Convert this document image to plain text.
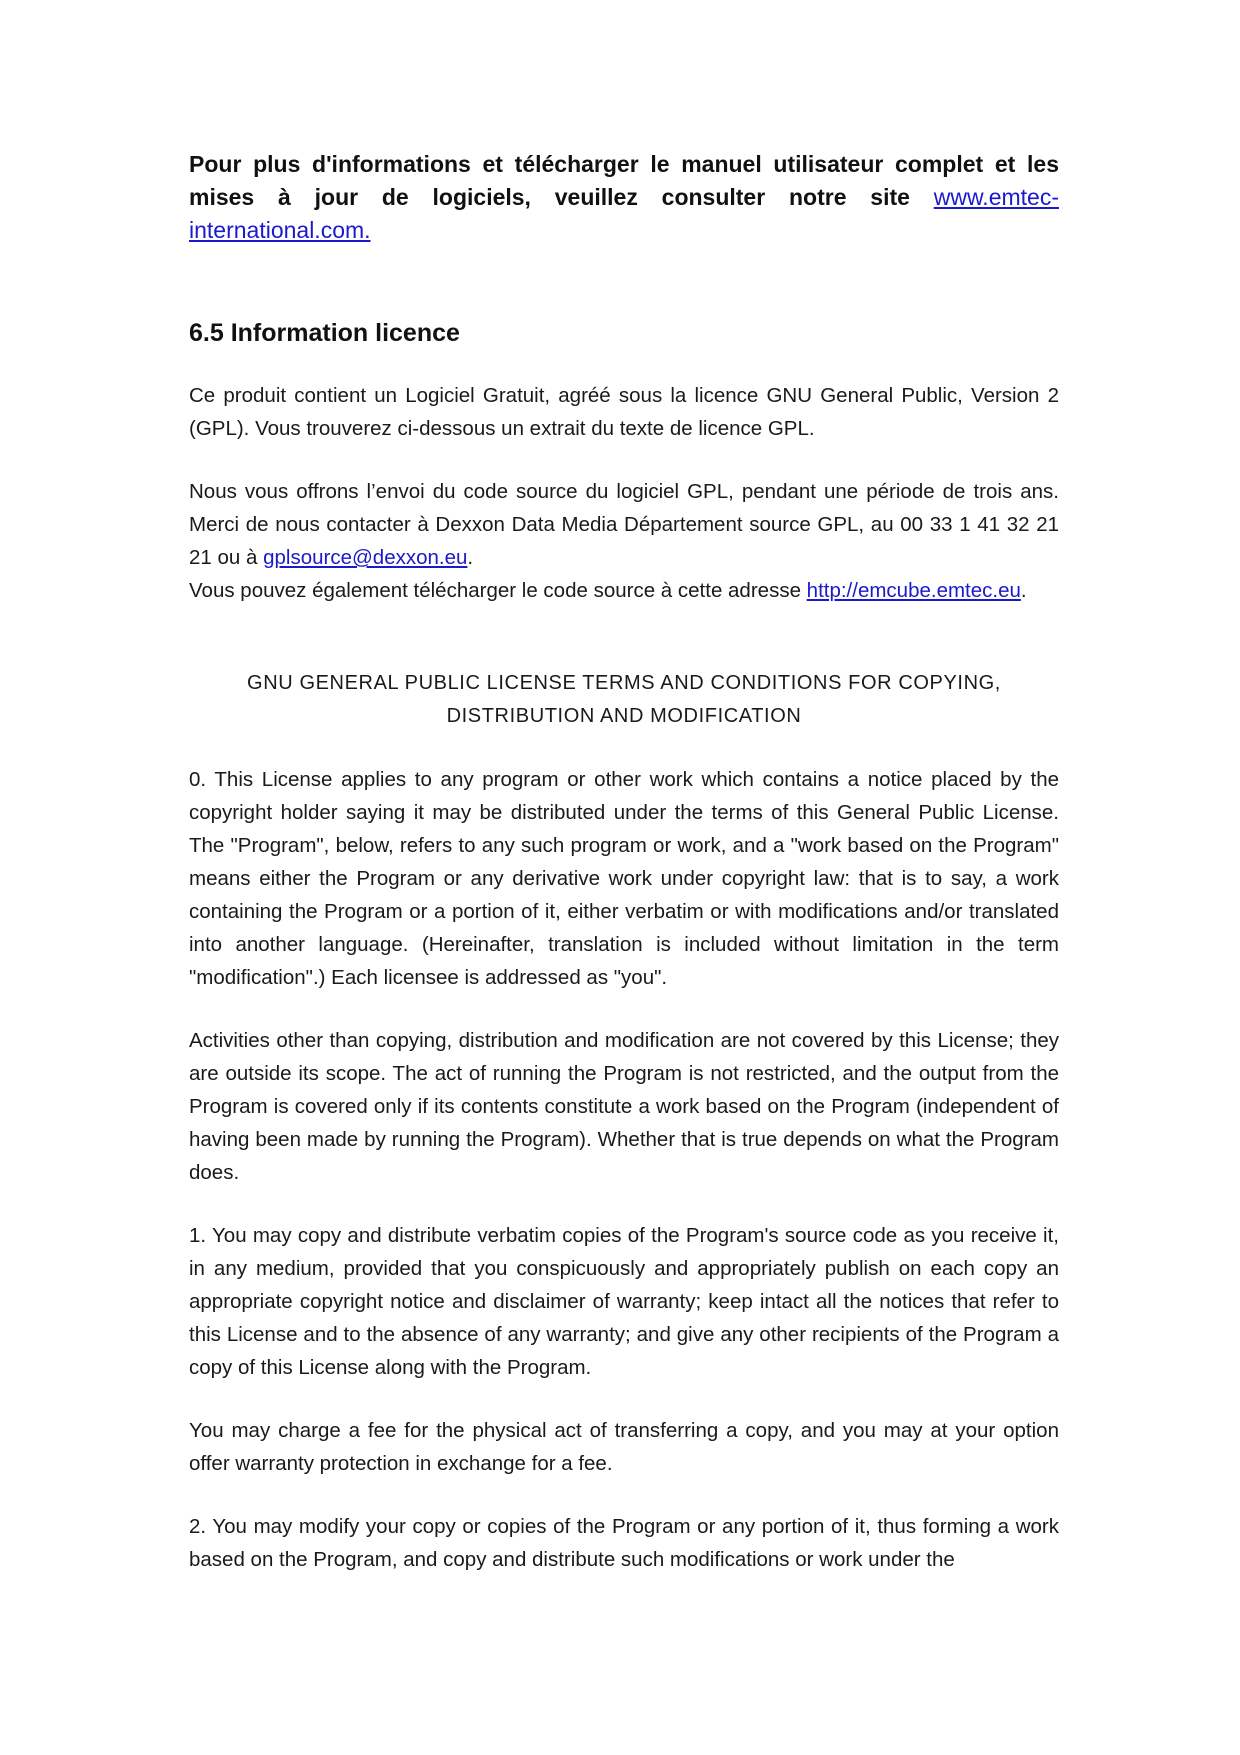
Pour plus d'informations et télécharger le manuel utilisateur complet et les mises à jour de logiciels, veuillez consulter notre site www.emtec-international.com.

6.5 Information licence

Ce produit contient un Logiciel Gratuit, agréé sous la licence GNU General Public, Version 2 (GPL). Vous trouverez ci-dessous un extrait du texte de licence GPL.

Nous vous offrons l’envoi du code source du logiciel GPL, pendant une période de trois ans. Merci de nous contacter à Dexxon Data Media Département source GPL, au 00 33 1 41 32 21 21 ou à gplsource@dexxon.eu.

Vous pouvez également télécharger le code source à cette adresse http://emcube.emtec.eu.

GNU GENERAL PUBLIC LICENSE TERMS AND CONDITIONS FOR COPYING,
DISTRIBUTION AND MODIFICATION

0. This License applies to any program or other work which contains a notice placed by the copyright holder saying it may be distributed under the terms of this General Public License. The "Program", below, refers to any such program or work, and a "work based on the Program" means either the Program or any derivative work under copyright law: that is to say, a work containing the Program or a portion of it, either verbatim or with modifications and/or translated into another language. (Hereinafter, translation is included without limitation in the term "modification".) Each licensee is addressed as "you".

Activities other than copying, distribution and modification are not covered by this License; they are outside its scope. The act of running the Program is not restricted, and the output from the Program is covered only if its contents constitute a work based on the Program (independent of having been made by running the Program). Whether that is true depends on what the Program does.

1. You may copy and distribute verbatim copies of the Program's source code as you receive it, in any medium, provided that you conspicuously and appropriately publish on each copy an appropriate copyright notice and disclaimer of warranty; keep intact all the notices that refer to this License and to the absence of any warranty; and give any other recipients of the Program a copy of this License along with the Program.

You may charge a fee for the physical act of transferring a copy, and you may at your option offer warranty protection in exchange for a fee.

2. You may modify your copy or copies of the Program or any portion of it, thus forming a work based on the Program, and copy and distribute such modifications or work under the
